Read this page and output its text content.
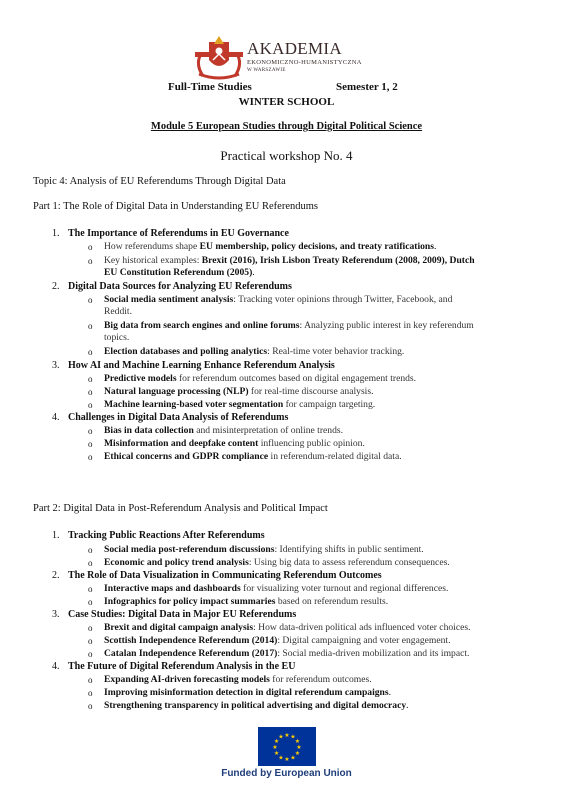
AKADEMIA
EKONOMICZNO-HUMANISTYCZNA
W WARSZAWIE
Full-Time Studies	Semester 1, 2
WINTER SCHOOL
Module 5 European Studies through Digital Political Science
Practical workshop No. 4
Topic 4: Analysis of EU Referendums Through Digital Data
Part 1: The Role of Digital Data in Understanding EU Referendums
1. The Importance of Referendums in EU Governance
o How referendums shape EU membership, policy decisions, and treaty ratifications.
o Key historical examples: Brexit (2016), Irish Lisbon Treaty Referendum (2008, 2009), Dutch
EU Constitution Referendum (2005).
2. Digital Data Sources for Analyzing EU Referendums
o Social media sentiment analysis: Tracking voter opinions through Twitter, Facebook, and
Reddit.
o Big data from search engines and online forums: Analyzing public interest in key referendum
topics.
o Election databases and polling analytics: Real-time voter behavior tracking.
3. How AI and Machine Learning Enhance Referendum Analysis
o Predictive models for referendum outcomes based on digital engagement trends.
o Natural language processing (NLP) for real-time discourse analysis.
o Machine learning-based voter segmentation for campaign targeting.
4. Challenges in Digital Data Analysis of Referendums
o Bias in data collection and misinterpretation of online trends.
o Misinformation and deepfake content influencing public opinion.
o Ethical concerns and GDPR compliance in referendum-related digital data.
Part 2: Digital Data in Post-Referendum Analysis and Political Impact
1. Tracking Public Reactions After Referendums
o Social media post-referendum discussions: Identifying shifts in public sentiment.
o Economic and policy trend analysis: Using big data to assess referendum consequences.
2. The Role of Data Visualization in Communicating Referendum Outcomes
o Interactive maps and dashboards for visualizing voter turnout and regional differences.
o Infographics for policy impact summaries based on referendum results.
3. Case Studies: Digital Data in Major EU Referendums
o Brexit and digital campaign analysis: How data-driven political ads influenced voter choices.
o Scottish Independence Referendum (2014): Digital campaigning and voter engagement.
o Catalan Independence Referendum (2017): Social media-driven mobilization and its impact.
4. The Future of Digital Referendum Analysis in the EU
o Expanding AI-driven forecasting models for referendum outcomes.
o Improving misinformation detection in digital referendum campaigns.
o Strengthening transparency in political advertising and digital democracy.
★ ★
★
★
★
★
★
★
★
★
★
★
Funded by European Union
